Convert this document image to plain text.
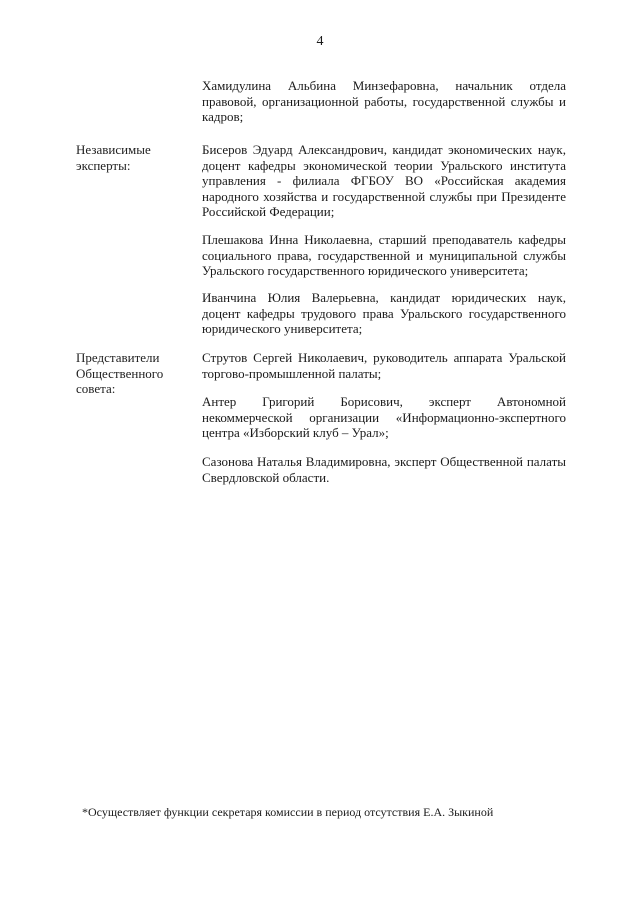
4
Хамидулина Альбина Минзефаровна, начальник отдела правовой, организационной работы, государственной службы и кадров;
Независимые эксперты:
Бисеров Эдуард Александрович, кандидат экономических наук, доцент кафедры экономической теории Уральского института управления - филиала ФГБОУ ВО «Российская академия народного хозяйства и государственной службы при Президенте Российской Федерации;
Плешакова Инна Николаевна, старший преподаватель кафедры социального права, государственной и муниципальной службы Уральского государственного юридического университета;
Иванчина Юлия Валерьевна, кандидат юридических наук, доцент кафедры трудового права Уральского государственного юридического университета;
Представители Общественного совета:
Струтов Сергей Николаевич, руководитель аппарата Уральской торгово-промышленной палаты;
Антер Григорий Борисович, эксперт Автономной некоммерческой организации «Информационно-экспертного центра «Изборский клуб – Урал»;
Сазонова Наталья Владимировна, эксперт Общественной палаты Свердловской области.
*Осуществляет функции секретаря комиссии в период отсутствия Е.А. Зыкиной
